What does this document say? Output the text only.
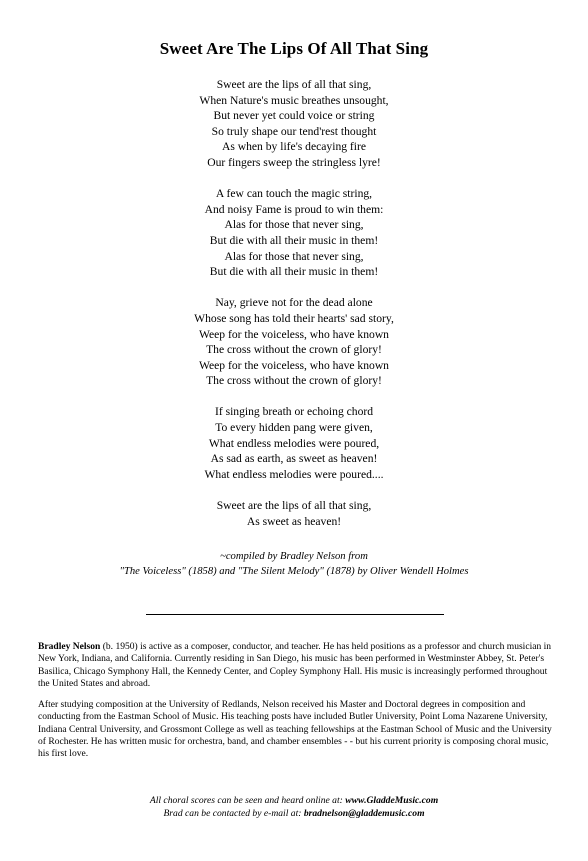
Sweet Are The Lips Of All That Sing
Sweet are the lips of all that sing,
When Nature's music breathes unsought,
But never yet could voice or string
So truly shape our tend'rest thought
As when by life's decaying fire
Our fingers sweep the stringless lyre!
A few can touch the magic string,
And noisy Fame is proud to win them:
Alas for those that never sing,
But die with all their music in them!
Alas for those that never sing,
But die with all their music in them!
Nay, grieve not for the dead alone
Whose song has told their hearts' sad story,
Weep for the voiceless, who have known
The cross without the crown of glory!
Weep for the voiceless, who have known
The cross without the crown of glory!
If singing breath or echoing chord
To every hidden pang were given,
What endless melodies were poured,
As sad as earth, as sweet as heaven!
What endless melodies were poured....
Sweet are the lips of all that sing,
As sweet as heaven!
~compiled by Bradley Nelson from
"The Voiceless" (1858) and "The Silent Melody" (1878) by Oliver Wendell Holmes

Bradley Nelson (b. 1950) is active as a composer, conductor, and teacher. He has held positions as a professor and church musician in New York, Indiana, and California. Currently residing in San Diego, his music has been performed in Westminster Abbey, St. Peter's Basilica, Chicago Symphony Hall, the Kennedy Center, and Copley Symphony Hall. His music is increasingly performed throughout the United States and abroad.

After studying composition at the University of Redlands, Nelson received his Master and Doctoral degrees in composition and conducting from the Eastman School of Music. His teaching posts have included Butler University, Point Loma Nazarene University, Indiana Central University, and Grossmont College as well as teaching fellowships at the Eastman School of Music and the University of Rochester. He has written music for orchestra, band, and chamber ensembles - - but his current priority is composing choral music, his first love.

All choral scores can be seen and heard online at: www.GladdeMusic.com
Brad can be contacted by e-mail at: bradnelson@gladdemusic.com
